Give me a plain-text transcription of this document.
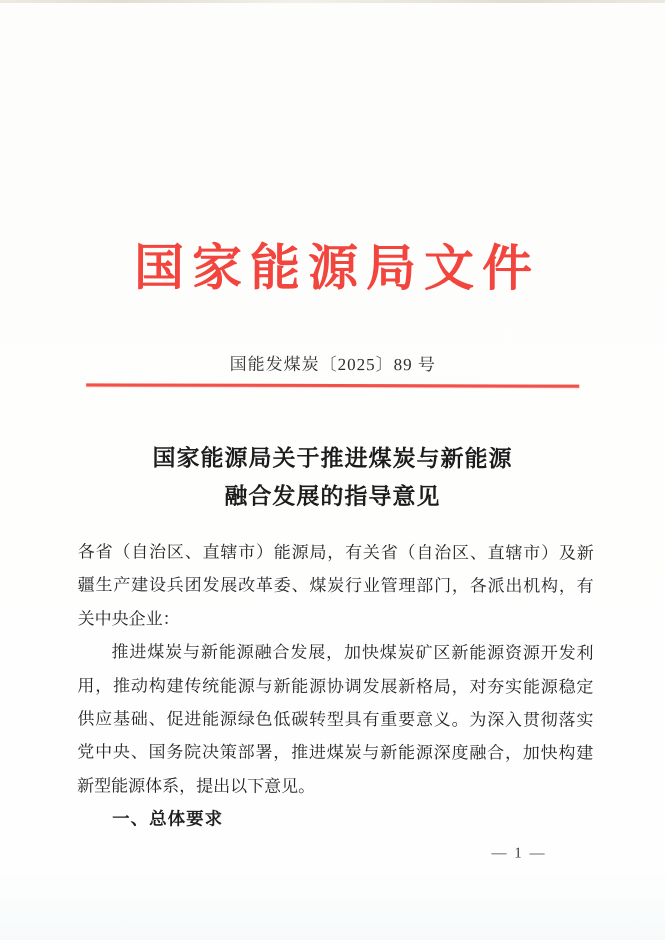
国家能源局文件
国能发煤炭〔2025〕89 号
国家能源局关于推进煤炭与新能源
融合发展的指导意见
各省（自治区、直辖市）能源局，有关省（自治区、直辖市）及新
疆生产建设兵团发展改革委、煤炭行业管理部门，各派出机构，有
关中央企业：
推进煤炭与新能源融合发展，加快煤炭矿区新能源资源开发利
用，推动构建传统能源与新能源协调发展新格局，对夯实能源稳定
供应基础、促进能源绿色低碳转型具有重要意义。为深入贯彻落实
党中央、国务院决策部署，推进煤炭与新能源深度融合，加快构建
新型能源体系，提出以下意见。
一、总体要求
— 1 —
